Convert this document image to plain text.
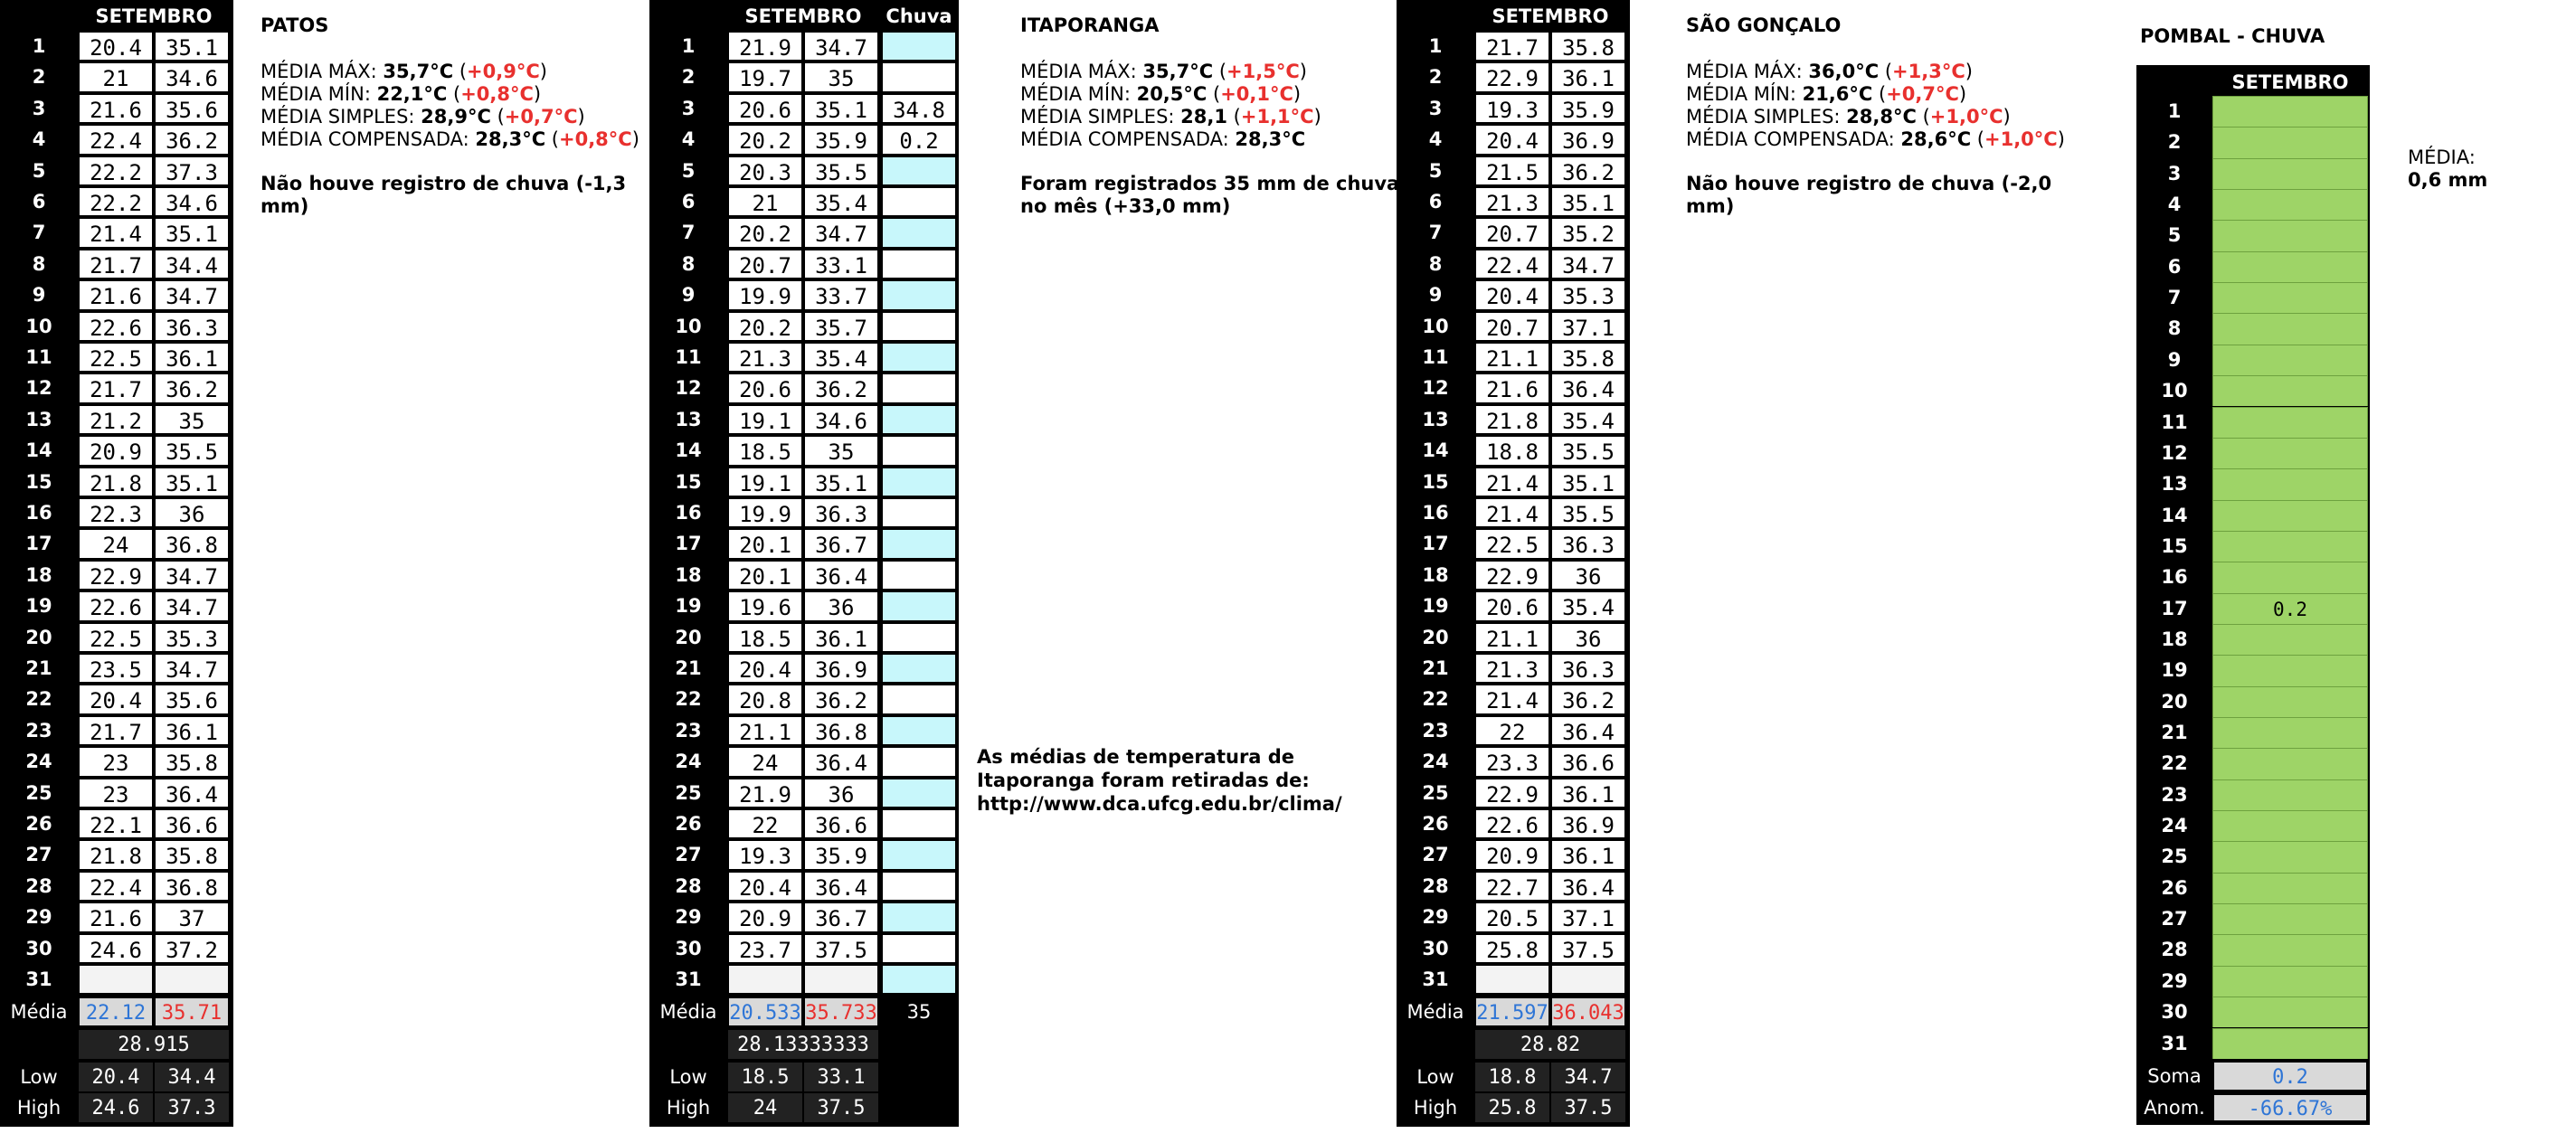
SETEMBRO
1	20.4	35.1
2	21	34.6
3	21.6	35.6
4	22.4	36.2
5	22.2	37.3
6	22.2	34.6
7	21.4	35.1
8	21.7	34.4
9	21.6	34.7
10	22.6	36.3
11	22.5	36.1
12	21.7	36.2
13	21.2	35
14	20.9	35.5
15	21.8	35.1
16	22.3	36
17	24	36.8
18	22.9	34.7
19	22.6	34.7
20	22.5	35.3
21	23.5	34.7
22	20.4	35.6
23	21.7	36.1
24	23	35.8
25	23	36.4
26	22.1	36.6
27	21.8	35.8
28	22.4	36.8
29	21.6	37
30	24.6	37.2
31
Média 22.12 35.71
28.915
Low	20.4	34.4
High	24.6	37.3
SETEMBRO	Chuva
1	21.9	34.7
2	19.7	35
3	20.6	35.1	34.8
4	20.2	35.9	0.2
5	20.3	35.5
6	21	35.4
7	20.2	34.7
8	20.7	33.1
9	19.9	33.7
10	20.2	35.7
11	21.3	35.4
12	20.6	36.2
13	19.1	34.6
14	18.5	35
15	19.1	35.1
16	19.9	36.3
17	20.1	36.7
18	20.1	36.4
19	19.6	36
20	18.5	36.1
21	20.4	36.9
22	20.8	36.2
23	21.1	36.8
24	24	36.4
25	21.9	36
26	22	36.6
27	19.3	35.9
28	20.4	36.4
29	20.9	36.7
30	23.7	37.5
31
Média 20.533 35.733	35
28.13333333
Low	18.5	33.1
High	24	37.5
SETEMBRO
1	21.7	35.8
2	22.9	36.1
3	19.3	35.9
4	20.4	36.9
5	21.5	36.2
6	21.3	35.1
7	20.7	35.2
8	22.4	34.7
9	20.4	35.3
10	20.7	37.1
11	21.1	35.8
12	21.6	36.4
13	21.8	35.4
14	18.8	35.5
15	21.4	35.1
16	21.4	35.5
17	22.5	36.3
18	22.9	36
19	20.6	35.4
20	21.1	36
21	21.3	36.3
22	21.4	36.2
23	22	36.4
24	23.3	36.6
25	22.9	36.1
26	22.6	36.9
27	20.9	36.1
28	22.7	36.4
29	20.5	37.1
30	25.8	37.5
31
Média 21.597 36.043
28.82
Low	18.8	34.7
High	25.8	37.5
PATOS
MÉDIA MÁX: 35,7°C (+0,9°C)
MÉDIA MÍN: 22,1°C (+0,8°C)
MÉDIA SIMPLES: 28,9°C (+0,7°C)
MÉDIA COMPENSADA: 28,3°C (+0,8°C)
Não houve registro de chuva (-1,3 mm)
ITAPORANGA
MÉDIA MÁX: 35,7°C (+1,5°C)
MÉDIA MÍN: 20,5°C (+0,1°C)
MÉDIA SIMPLES: 28,1 (+1,1°C)
MÉDIA COMPENSADA: 28,3°C
Foram registrados 35 mm de chuva no mês (+33,0 mm)
SÃO GONÇALO
MÉDIA MÁX: 36,0°C (+1,3°C)
MÉDIA MÍN: 21,6°C (+0,7°C)
MÉDIA SIMPLES: 28,8°C (+1,0°C)
MÉDIA COMPENSADA: 28,6°C (+1,0°C)
Não houve registro de chuva (-2,0 mm)
As médias de temperatura de Itaporanga foram retiradas de: http://www.dca.ufcg.edu.br/clima/
POMBAL - CHUVA
SETEMBRO
1
2
3
4
5
6
7
8
9
10
11
12
13
14
15
16
17	0.2
18
19
20
21
22
23
24
25
26
27
28
29
30
31
Soma	0.2
Anom.	-66.67%
MÉDIA:
0,6 mm
